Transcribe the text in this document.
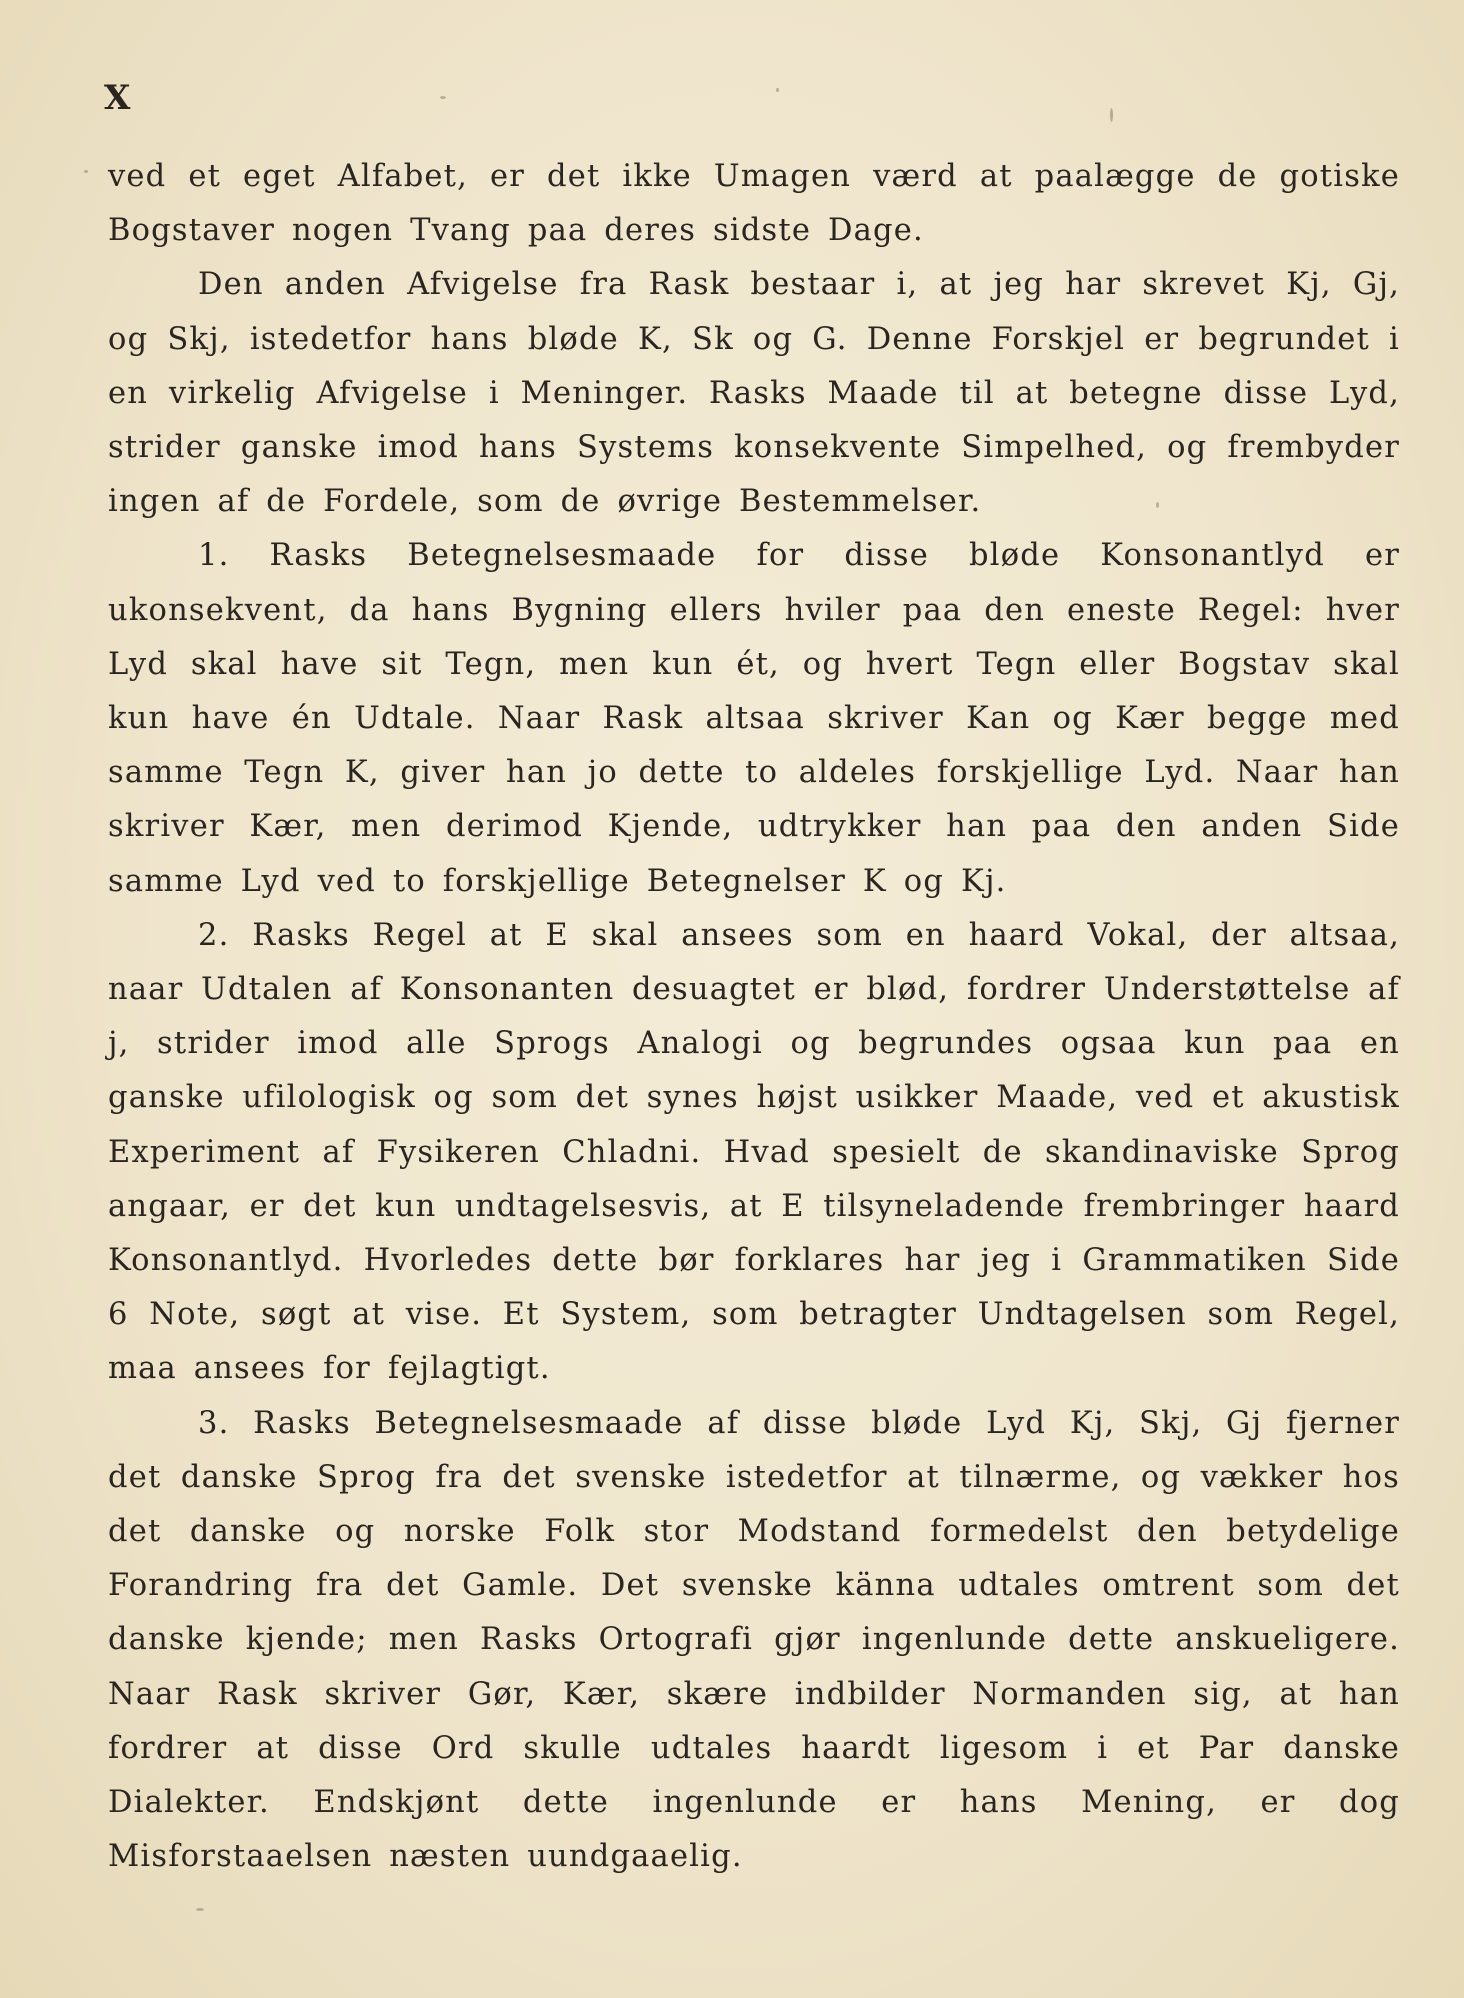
X

ved et eget Alfabet, er det ikke Umagen værd at paalægge de gotiske Bogstaver nogen Tvang paa deres sidste Dage.

Den anden Afvigelse fra Rask bestaar i, at jeg har skrevet Kj, Gj, og Skj, istedetfor hans bløde K, Sk og G. Denne Forskjel er begrundet i en virkelig Afvigelse i Meninger. Rasks Maade til at betegne disse Lyd, strider ganske imod hans Systems konsekvente Simpelhed, og frembyder ingen af de Fordele, som de øvrige Bestemmelser.

1. Rasks Betegnelsesmaade for disse bløde Konsonantlyd er ukonsekvent, da hans Bygning ellers hviler paa den eneste Regel: hver Lyd skal have sit Tegn, men kun ét, og hvert Tegn eller Bogstav skal kun have én Udtale. Naar Rask altsaa skriver Kan og Kær begge med samme Tegn K, giver han jo dette to aldeles forskjellige Lyd. Naar han skriver Kær, men derimod Kjende, udtrykker han paa den anden Side samme Lyd ved to forskjellige Betegnelser K og Kj.

2. Rasks Regel at E skal ansees som en haard Vokal, der altsaa, naar Udtalen af Konsonanten desuagtet er blød, fordrer Understøttelse af j, strider imod alle Sprogs Analogi og begrundes ogsaa kun paa en ganske ufilologisk og som det synes højst usikker Maade, ved et akustisk Experiment af Fysikeren Chladni. Hvad spesielt de skandinaviske Sprog angaar, er det kun undtagelsesvis, at E tilsyneladende frembringer haard Konsonantlyd. Hvorledes dette bør forklares har jeg i Grammatiken Side 6 Note, søgt at vise. Et System, som betragter Undtagelsen som Regel, maa ansees for fejlagtigt.

3. Rasks Betegnelsesmaade af disse bløde Lyd Kj, Skj, Gj fjerner det danske Sprog fra det svenske istedetfor at tilnærme, og vækker hos det danske og norske Folk stor Modstand formedelst den betydelige Forandring fra det Gamle. Det svenske känna udtales omtrent som det danske kjende; men Rasks Ortografi gjør ingenlunde dette anskueligere. Naar Rask skriver Gør, Kær, skære indbilder Normanden sig, at han fordrer at disse Ord skulle udtales haardt ligesom i et Par danske Dialekter. Endskjønt dette ingenlunde er hans Mening, er dog Misforstaaelsen næsten uundgaaelig.
